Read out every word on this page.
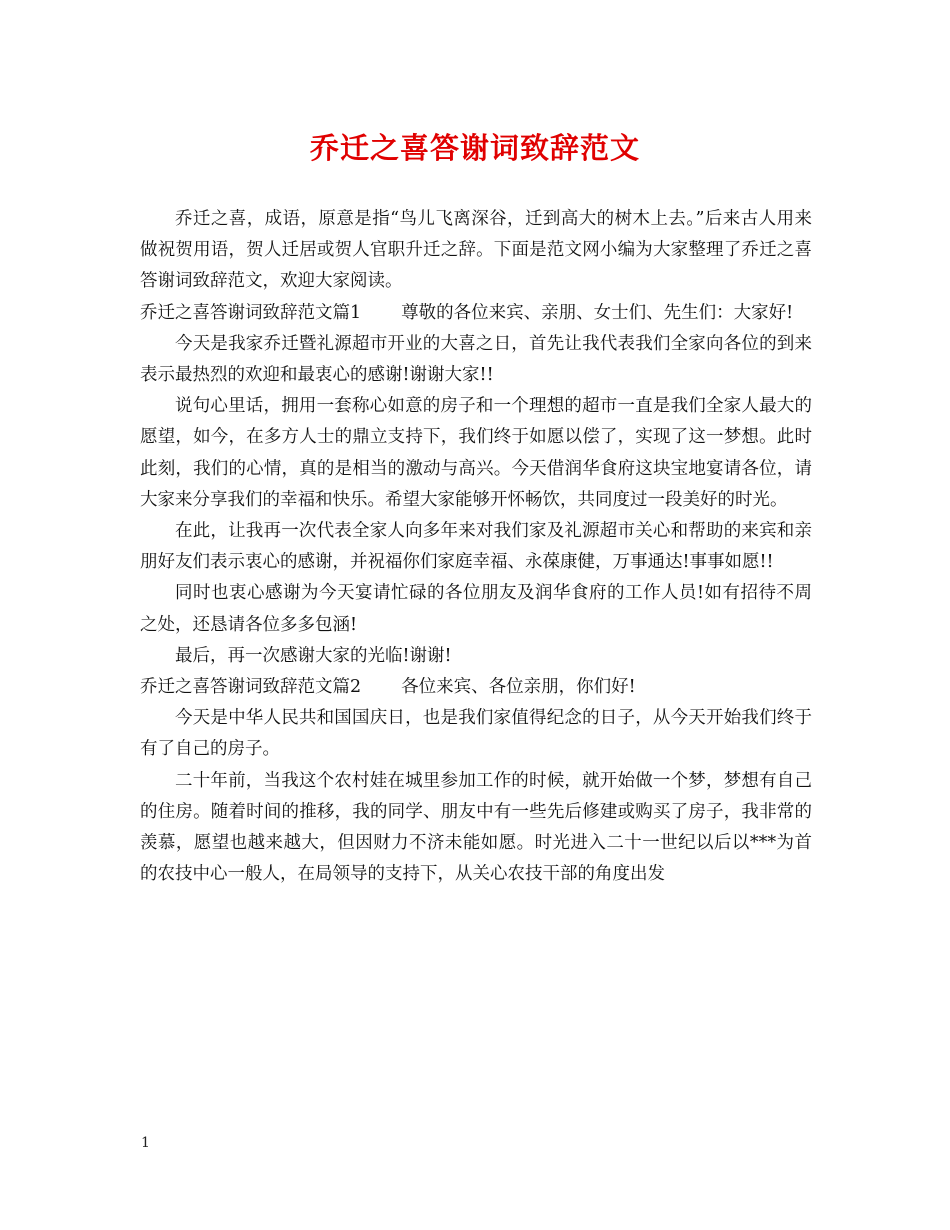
乔迁之喜答谢词致辞范文

乔迁之喜，成语，原意是指“鸟儿飞离深谷，迁到高大的树木上去。”后来古人用来做祝贺用语，贺人迁居或贺人官职升迁之辞。下面是范文网小编为大家整理了乔迁之喜答谢词致辞范文，欢迎大家阅读。

乔迁之喜答谢词致辞范文篇1 尊敬的各位来宾、亲朋、女士们、先生们：大家好!

今天是我家乔迁暨礼源超市开业的大喜之日，首先让我代表我们全家向各位的到来表示最热烈的欢迎和最衷心的感谢!谢谢大家!!

说句心里话，拥用一套称心如意的房子和一个理想的超市一直是我们全家人最大的愿望，如今，在多方人士的鼎立支持下，我们终于如愿以偿了，实现了这一梦想。此时此刻，我们的心情，真的是相当的激动与高兴。今天借润华食府这块宝地宴请各位，请大家来分享我们的幸福和快乐。希望大家能够开怀畅饮，共同度过一段美好的时光。

在此，让我再一次代表全家人向多年来对我们家及礼源超市关心和帮助的来宾和亲朋好友们表示衷心的感谢，并祝福你们家庭幸福、永葆康健，万事通达!事事如愿!!

同时也衷心感谢为今天宴请忙碌的各位朋友及润华食府的工作人员!如有招待不周之处，还恳请各位多多包涵!

最后，再一次感谢大家的光临!谢谢!

乔迁之喜答谢词致辞范文篇2 各位来宾、各位亲朋，你们好!

今天是中华人民共和国国庆日，也是我们家值得纪念的日子，从今天开始我们终于有了自己的房子。

二十年前，当我这个农村娃在城里参加工作的时候，就开始做一个梦，梦想有自己的住房。随着时间的推移，我的同学、朋友中有一些先后修建或购买了房子，我非常的羡慕，愿望也越来越大，但因财力不济未能如愿。时光进入二十一世纪以后以***为首的农技中心一般人，在局领导的支持下，从关心农技干部的角度出发

1
